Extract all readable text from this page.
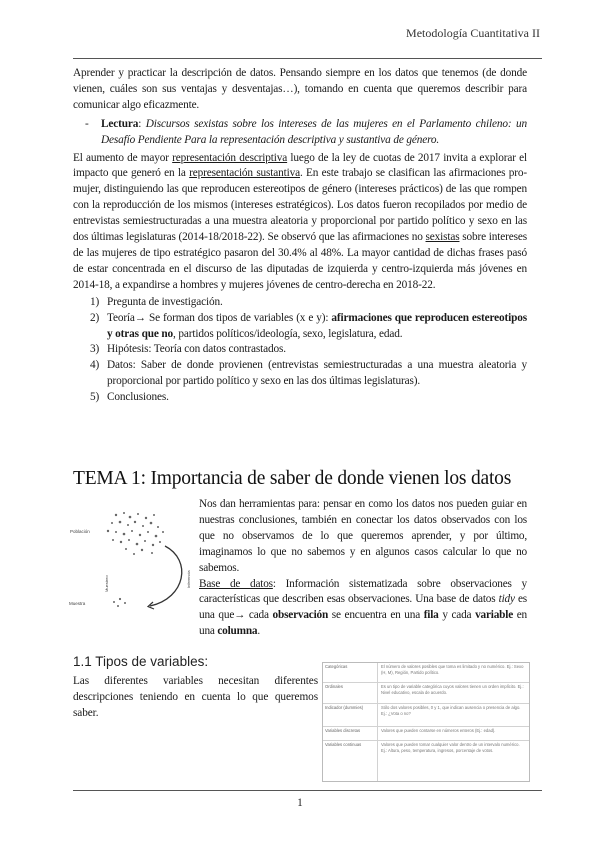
Metodología Cuantitativa II

Aprender y practicar la descripción de datos. Pensando siempre en los datos que tenemos (de donde vienen, cuáles son sus ventajas y desventajas…), tomando en cuenta que queremos describir para comunicar algo eficazmente.

- Lectura: Discursos sexistas sobre los intereses de las mujeres en el Parlamento chileno: un Desafío Pendiente Para la representación descriptiva y sustantiva de género.

El aumento de mayor representación descriptiva luego de la ley de cuotas de 2017 invita a explorar el impacto que generó en la representación sustantiva. En este trabajo se clasifican las afirmaciones pro-mujer, distinguiendo las que reproducen estereotipos de género (intereses prácticos) de las que rompen con la reproducción de los mismos (intereses estratégicos). Los datos fueron recopilados por medio de entrevistas semiestructuradas a una muestra aleatoria y proporcional por partido político y sexo en las dos últimas legislaturas (2014-18/2018-22). Se observó que las afirmaciones no sexistas sobre intereses de las mujeres de tipo estratégico pasaron del 30.4% al 48%. La mayor cantidad de dichas frases pasó de estar concentrada en el discurso de las diputadas de izquierda y centro-izquierda más jóvenes en 2014-18, a expandirse a hombres y mujeres jóvenes de centro-derecha en 2018-22.

1) Pregunta de investigación.
2) Teoría→ Se forman dos tipos de variables (x e y): afirmaciones que reproducen estereotipos y otras que no, partidos políticos/ideología, sexo, legislatura, edad.
3) Hipótesis: Teoría con datos contrastados.
4) Datos: Saber de donde provienen (entrevistas semiestructuradas a una muestra aleatoria y proporcional por partido político y sexo en las dos últimas legislaturas).
5) Conclusiones.
TEMA 1: Importancia de saber de donde vienen los datos
Población
Muestreo	Inferencia
Muestra

Nos dan herramientas para: pensar en como los datos nos pueden guiar en nuestras conclusiones, también en conectar los datos observados con los que no observamos de lo que queremos aprender, y por último, imaginamos lo que no sabemos y en algunos casos calcular lo que no sabemos.

Base de datos: Información sistematizada sobre observaciones y características que describen esas observaciones. Una base de datos tidy es una que→ cada observación se encuentra en una fila y cada variable en una columna.

1.1 Tipos de variables:
Las diferentes variables necesitan diferentes descripciones teniendo en cuenta lo que queremos saber.
Categóricas	El número de valores posibles que toma es limitado y no numérico. Ej.: Sexo (H, M), Región, Partido político.
Ordinales	Es un tipo de variable categórica cuyos valores tienen un orden implícito. Ej.: Nivel educativo, escala de acuerdo.
Indicador (dummies)	Sólo dos valores posibles, 0 y 1, que indican ausencia o presencia de algo. Ej.: ¿Vota o no?
Variables discretas	Valores que pueden contarse en números enteros (Ej.: edad).
Variables continuas	Valores que pueden tomar cualquier valor dentro de un intervalo numérico. Ej.: Altura, peso, temperatura, ingresos, porcentaje de votos.
1
